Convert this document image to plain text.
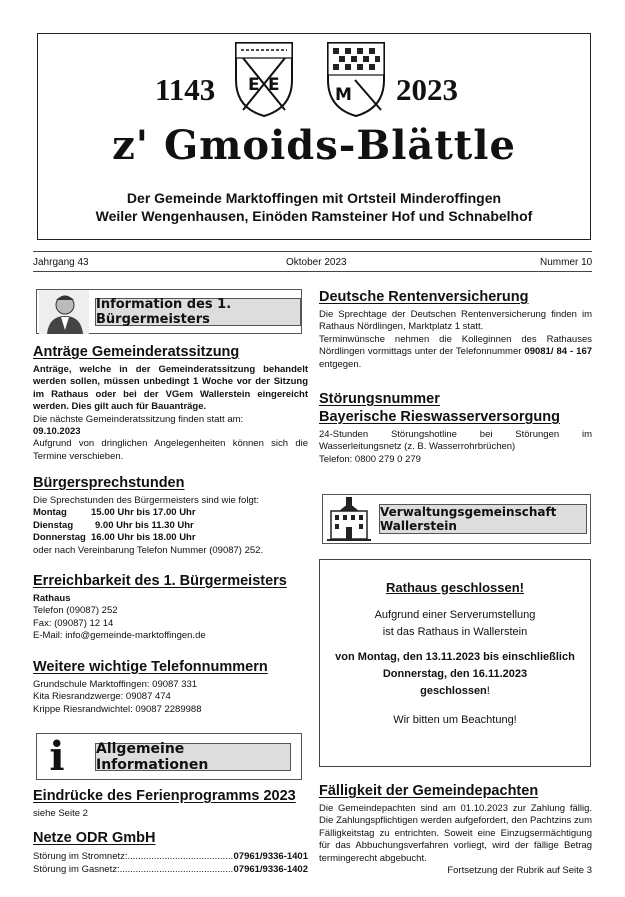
1143	2023
E E	M
z' Gmoids-Blättle
Der Gemeinde Marktoffingen mit Ortsteil Minderoffingen
Weiler Wengenhausen, Einöden Ramsteiner Hof und Schnabelhof
Jahrgang 43	Oktober 2023	Nummer 10
Information des 1. Bürgermeisters
Anträge Gemeinderatssitzung
Anträge, welche in der Gemeinderatssitzung behandelt werden sollen, müssen unbedingt 1 Woche vor der Sitzung im Rathaus oder bei der VGem Wallerstein eingereicht werden. Dies gilt auch für Bauanträge.
Die nächste Gemeinderatssitzung finden statt am:
09.10.2023
Aufgrund von dringlichen Angelegenheiten können sich die Termine verschieben.
Bürgersprechstunden
Die Sprechstunden des Bürgermeisters sind wie folgt:
Montag	15.00 Uhr bis 17.00 Uhr
Dienstag	9.00 Uhr bis 11.30 Uhr
Donnerstag 16.00 Uhr bis 18.00 Uhr
oder nach Vereinbarung Telefon Nummer (09087) 252.
Erreichbarkeit des 1. Bürgermeisters
Rathaus
Telefon (09087) 252
Fax: (09087) 12 14
E-Mail: info@gemeinde-marktoffingen.de
Weitere wichtige Telefonnummern
Grundschule Marktoffingen: 09087 331
Kita Riesrandzwerge: 09087 474
Krippe Riesrandwichtel: 09087 2289988
i	Allgemeine Informationen
Eindrücke des Ferienprogramms 2023
siehe Seite 2
Netze ODR GmbH
Störung im Stromnetz: .....	07961/9336-1401
Störung im Gasnetz: .....	07961/9336-1402
Deutsche Rentenversicherung
Die Sprechtage der Deutschen Rentenversicherung finden im Rathaus Nördlingen, Marktplatz 1 statt.
Terminwünsche nehmen die Kolleginnen des Rathauses Nördlingen vormittags unter der Telefonnummer 09081/ 84 - 167 entgegen.
Störungsnummer
Bayerische Rieswasserversorgung
24-Stunden Störungshotline bei Störungen im Wasserleitungsnetz (z. B. Wasserrohrbrüchen)
Telefon: 0800 279 0 279
Verwaltungsgemeinschaft Wallerstein
Rathaus geschlossen!
Aufgrund einer Serverumstellung
ist das Rathaus in Wallerstein
von Montag, den 13.11.2023 bis einschließlich
Donnerstag, den 16.11.2023
geschlossen!
Wir bitten um Beachtung!
Fälligkeit der Gemeindepachten
Die Gemeindepachten sind am 01.10.2023 zur Zahlung fällig. Die Zahlungspflichtigen werden aufgefordert, den Pachtzins zum Fälligkeitstag zu entrichten. Soweit eine Einzugsermächtigung für das Abbuchungsverfahren vorliegt, wird der fällige Betrag termingerecht abgebucht.
Fortsetzung der Rubrik auf Seite 3
